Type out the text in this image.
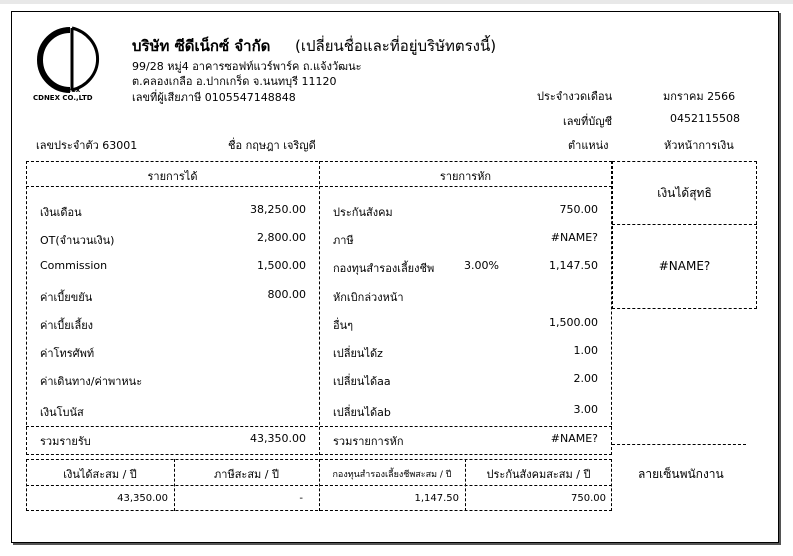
nex
CDNEX CO.,LTD
บริษัท ซีดีเน็กซ์ จำกัด (เปลี่ยนชื่อและที่อยู่บริษัทตรงนี้)
99/28 หมู่4 อาคารซอฟท์แวร์พาร์ค ถ.แจ้งวัฒนะ
ต.คลองเกลือ อ.ปากเกร็ด จ.นนทบุรี 11120
เลขที่ผู้เสียภาษี 0105547148848	ประจำงวดเดือน	มกราคม 2566
เลขที่บัญชี	0452115508
เลขประจำตัว 63001	ชื่อ กฤษฎา เจริญดี	ตำแหน่ง	หัวหน้าการเงิน
รายการได้	รายการหัก
เงินเดือน	38,250.00
OT(จำนวนเงิน)	2,800.00
Commission	1,500.00
ค่าเบี้ยขยัน	800.00
ค่าเบี้ยเลี้ยง
ค่าโทรศัพท์
ค่าเดินทาง/ค่าพาหนะ
เงินโบนัส
รวมรายรับ	43,350.00
ประกันสังคม	750.00
ภาษี	#NAME?
กองทุนสำรองเลี้ยงชีพ	3.00%	1,147.50
หักเบิกล่วงหน้า
อื่นๆ	1,500.00
เปลี่ยนได้z	1.00
เปลี่ยนได้aa	2.00
เปลี่ยนได้ab	3.00
รวมรายการหัก	#NAME?
เงินได้สุทธิ
#NAME?
เงินได้สะสม / ปี	ภาษีสะสม / ปี	กองทุนสำรองเลี้ยงชีพสะสม / ปี	ประกันสังคมสะสม / ปี
43,350.00	-	1,147.50	750.00
ลายเซ็นพนักงาน
